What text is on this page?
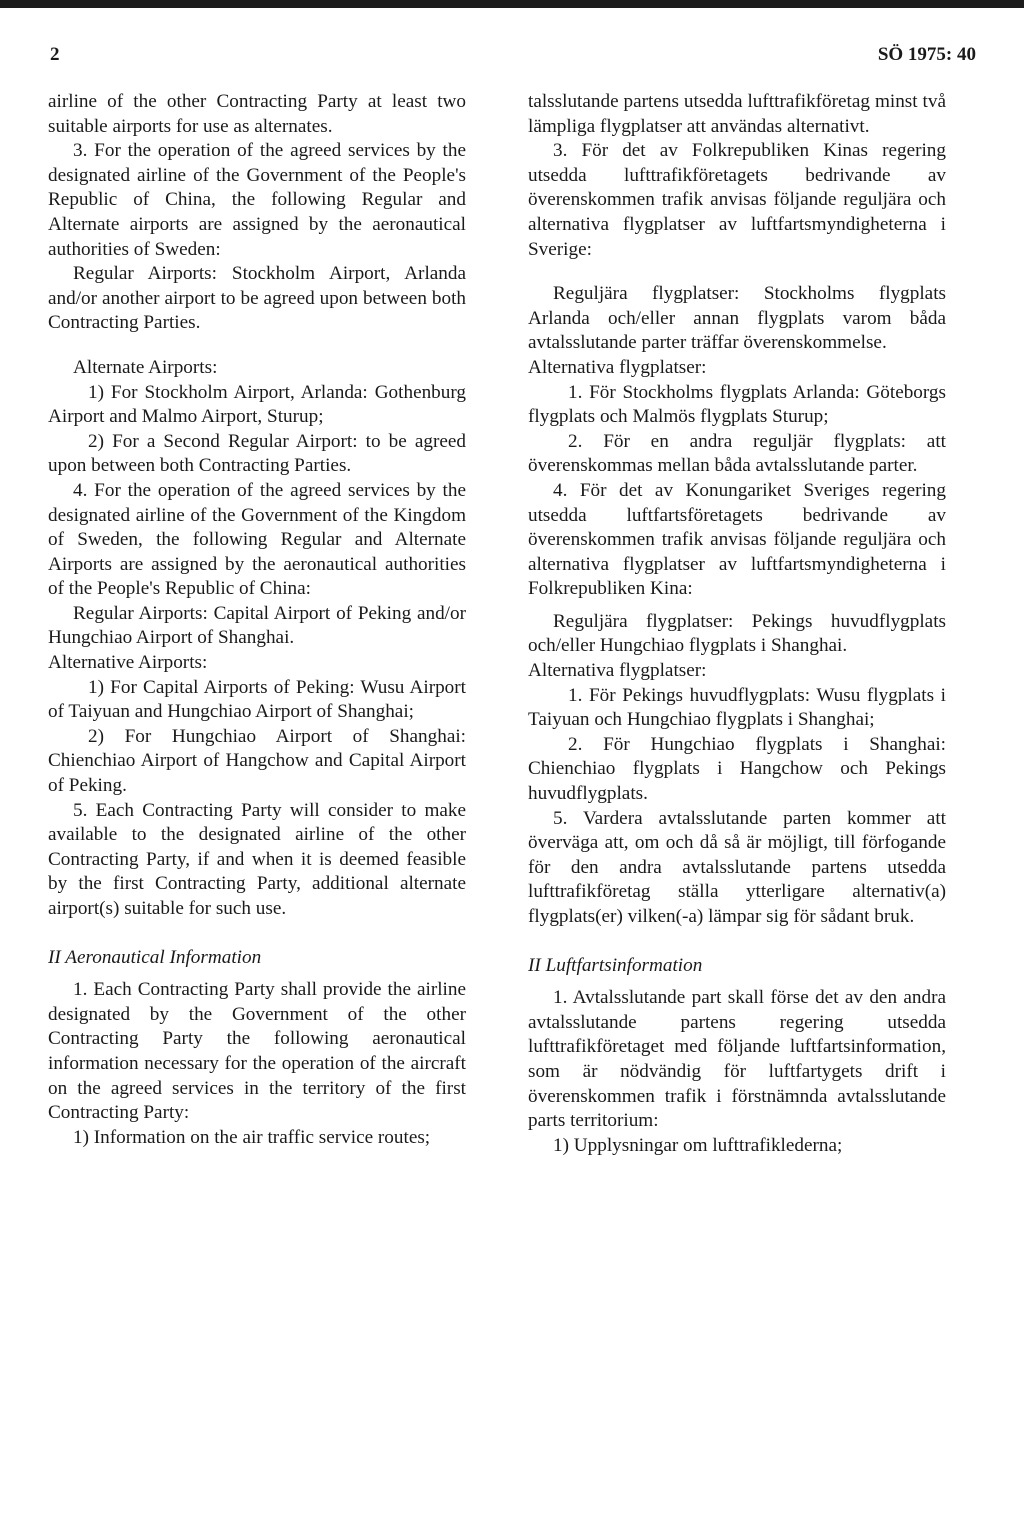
2	SÖ 1975: 40

airline of the other Contracting Party at least two suitable airports for use as alternates.

3. For the operation of the agreed services by the designated airline of the Government of the People's Republic of China, the following Regular and Alternate airports are assigned by the aeronautical authorities of Sweden:

Regular Airports: Stockholm Airport, Arlanda and/or another airport to be agreed upon between both Contracting Parties.

Alternate Airports:

1) For Stockholm Airport, Arlanda: Gothenburg Airport and Malmo Airport, Sturup;

2) For a Second Regular Airport: to be agreed upon between both Contracting Parties.

4. For the operation of the agreed services by the designated airline of the Government of the Kingdom of Sweden, the following Regular and Alternate Airports are assigned by the aeronautical authorities of the People's Republic of China:

Regular Airports: Capital Airport of Peking and/or Hungchiao Airport of Shanghai.

Alternative Airports:

1) For Capital Airports of Peking: Wusu Airport of Taiyuan and Hungchiao Airport of Shanghai;

2) For Hungchiao Airport of Shanghai: Chienchiao Airport of Hangchow and Capital Airport of Peking.

5. Each Contracting Party will consider to make available to the designated airline of the other Contracting Party, if and when it is deemed feasible by the first Contracting Party, additional alternate airport(s) suitable for such use.

II Aeronautical Information

1. Each Contracting Party shall provide the airline designated by the Government of the other Contracting Party the following aeronautical information necessary for the operation of the aircraft on the agreed services in the territory of the first Contracting Party:

1) Information on the air traffic service routes;

talsslutande partens utsedda lufttrafikföretag minst två lämpliga flygplatser att användas alternativt.

3. För det av Folkrepubliken Kinas regering utsedda lufttrafikföretagets bedrivande av överenskommen trafik anvisas följande reguljära och alternativa flygplatser av luftfartsmyndigheterna i Sverige:

Reguljära flygplatser: Stockholms flygplats Arlanda och/eller annan flygplats varom båda avtalsslutande parter träffar överenskommelse.

Alternativa flygplatser:

1. För Stockholms flygplats Arlanda: Göteborgs flygplats och Malmös flygplats Sturup;

2. För en andra reguljär flygplats: att överenskommas mellan båda avtalsslutande parter.

4. För det av Konungariket Sveriges regering utsedda luftfartsföretagets bedrivande av överenskommen trafik anvisas följande reguljära och alternativa flygplatser av luftfartsmyndigheterna i Folkrepubliken Kina:

Reguljära flygplatser: Pekings huvudflygplats och/eller Hungchiao flygplats i Shanghai.

Alternativa flygplatser:

1. För Pekings huvudflygplats: Wusu flygplats i Taiyuan och Hungchiao flygplats i Shanghai;

2. För Hungchiao flygplats i Shanghai: Chienchiao flygplats i Hangchow och Pekings huvudflygplats.

5. Vardera avtalsslutande parten kommer att överväga att, om och då så är möjligt, till förfogande för den andra avtalsslutande partens utsedda lufttrafikföretag ställa ytterligare alternativ(a) flygplats(er) vilken(-a) lämpar sig för sådant bruk.

II Luftfartsinformation

1. Avtalsslutande part skall förse det av den andra avtalsslutande partens regering utsedda lufttrafikföretaget med följande luftfartsinformation, som är nödvändig för luftfartygets drift i överenskommen trafik i förstnämnda avtalsslutande parts territorium:

1) Upplysningar om lufttrafiklederna;
